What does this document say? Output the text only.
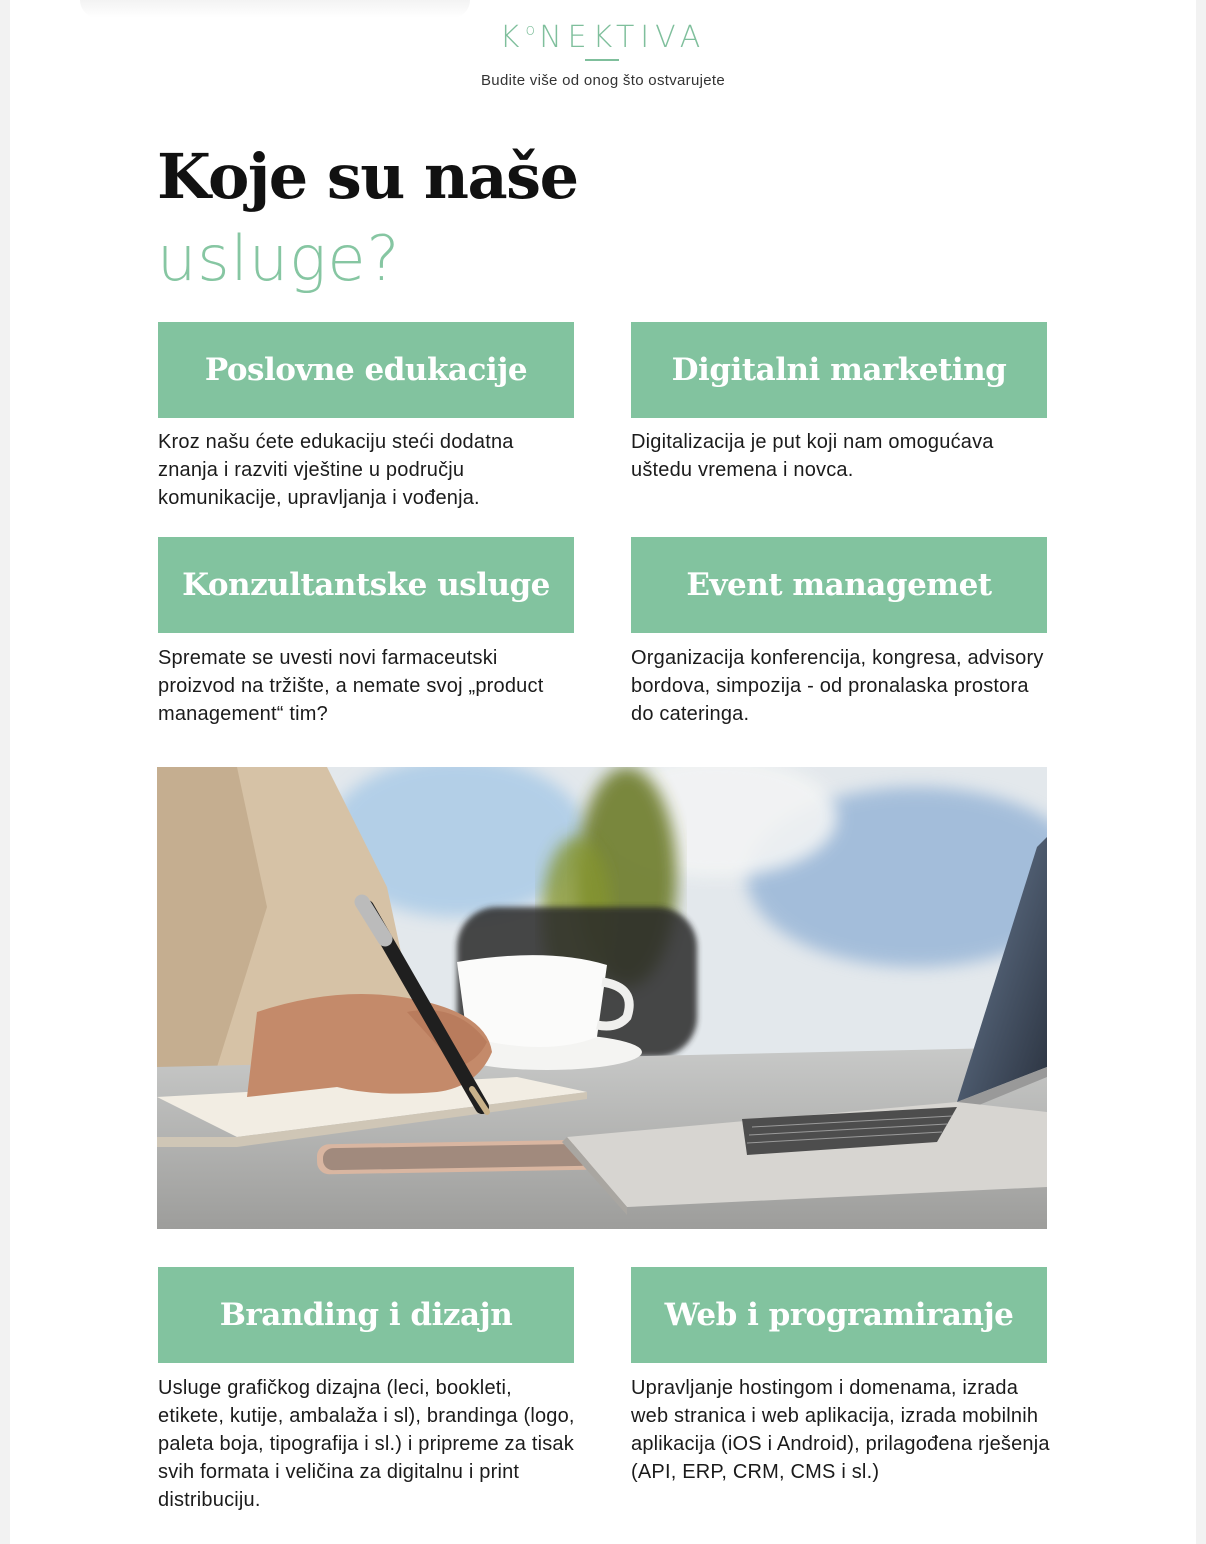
$K^oNEKTIVA$
Budite više od onog što ostvarujete
Koje su naše
usluge?
Poslovne edukacije
Kroz našu ćete edukaciju steći dodatna znanja i razviti vještine u području komunikacije, upravljanja i vođenja.
Digitalni marketing
Digitalizacija je put koji nam omogućava uštedu vremena i novca.
Konzultantske usluge
Spremate se uvesti novi farmaceutski proizvod na tržište, a nemate svoj „product management“ tim?
Event managemet
Organizacija konferencija, kongresa, advisory bordova, simpozija - od pronalaska prostora do cateringa.
Branding i dizajn
Usluge grafičkog dizajna (leci, bookleti, etikete, kutije, ambalaža i sl), brandinga (logo, paleta boja, tipografija i sl.) i pripreme za tisak svih formata i veličina za digitalnu i print distribuciju.
Web i programiranje
Upravljanje hostingom i domenama, izrada web stranica i web aplikacija, izrada mobilnih aplikacija (iOS i Android), prilagođena rješenja (API, ERP, CRM, CMS i sl.)
